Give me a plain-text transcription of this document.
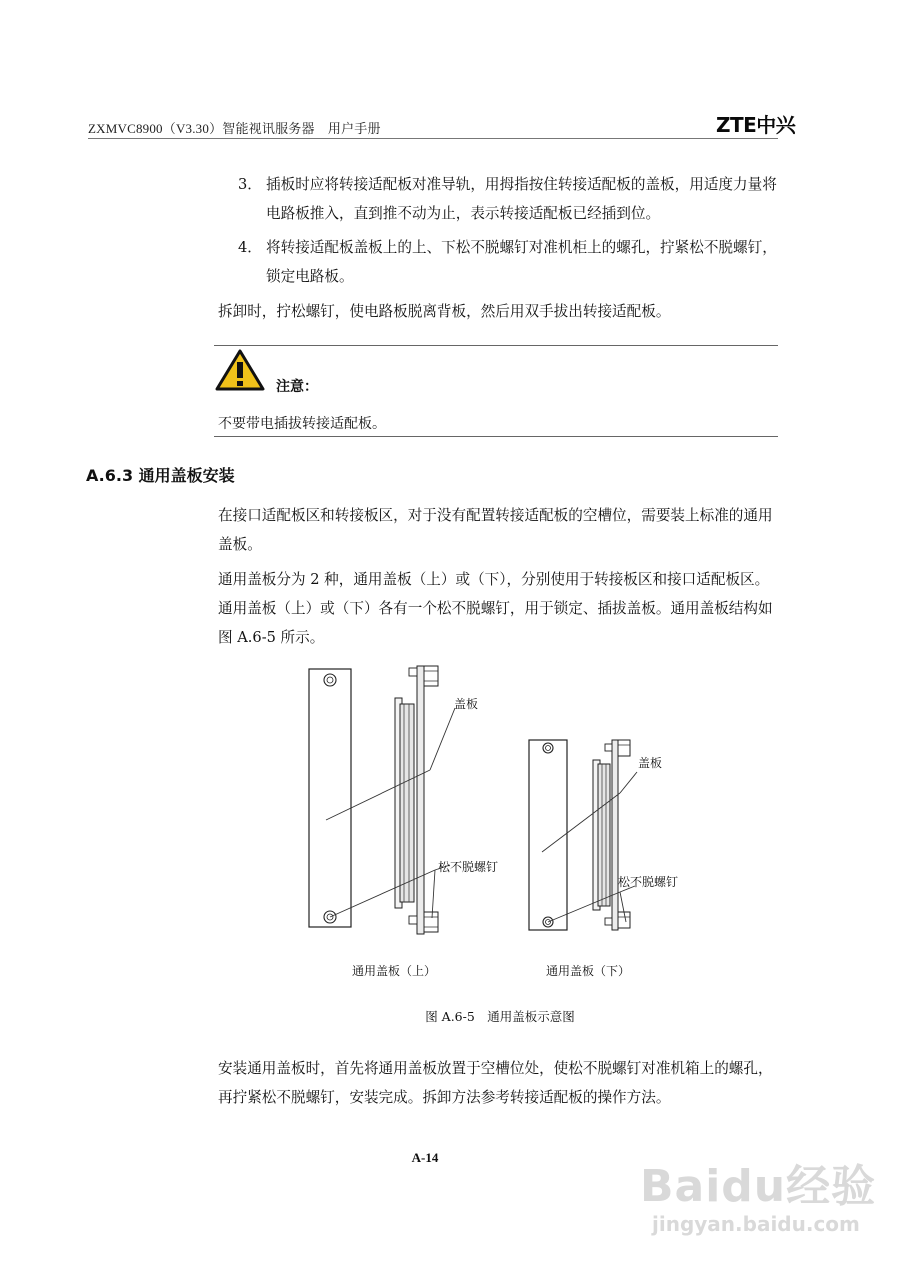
ZXMVC8900（V3.30）智能视讯服务器　用户手册	ZTE中兴
3． 插板时应将转接适配板对准导轨，用拇指按住转接适配板的盖板，用适度力量将电路板推入，直到推不动为止，表示转接适配板已经插到位。
4． 将转接适配板盖板上的上、下松不脱螺钉对准机柜上的螺孔，拧紧松不脱螺钉，锁定电路板。
拆卸时，拧松螺钉，使电路板脱离背板，然后用双手拔出转接适配板。
注意：
不要带电插拔转接适配板。
A.6.3 通用盖板安装
在接口适配板区和转接板区，对于没有配置转接适配板的空槽位，需要装上标准的通用盖板。
通用盖板分为 2 种，通用盖板（上）或（下），分别使用于转接板区和接口适配板区。通用盖板（上）或（下）各有一个松不脱螺钉，用于锁定、插拔盖板。通用盖板结构如图 A.6-5 所示。
盖板
松不脱螺钉
盖板
松不脱螺钉
通用盖板（上）	通用盖板（下）
图 A.6-5　通用盖板示意图
安装通用盖板时，首先将通用盖板放置于空槽位处，使松不脱螺钉对准机箱上的螺孔，再拧紧松不脱螺钉，安装完成。拆卸方法参考转接适配板的操作方法。
A-14
Baidu经验
jingyan.baidu.com
